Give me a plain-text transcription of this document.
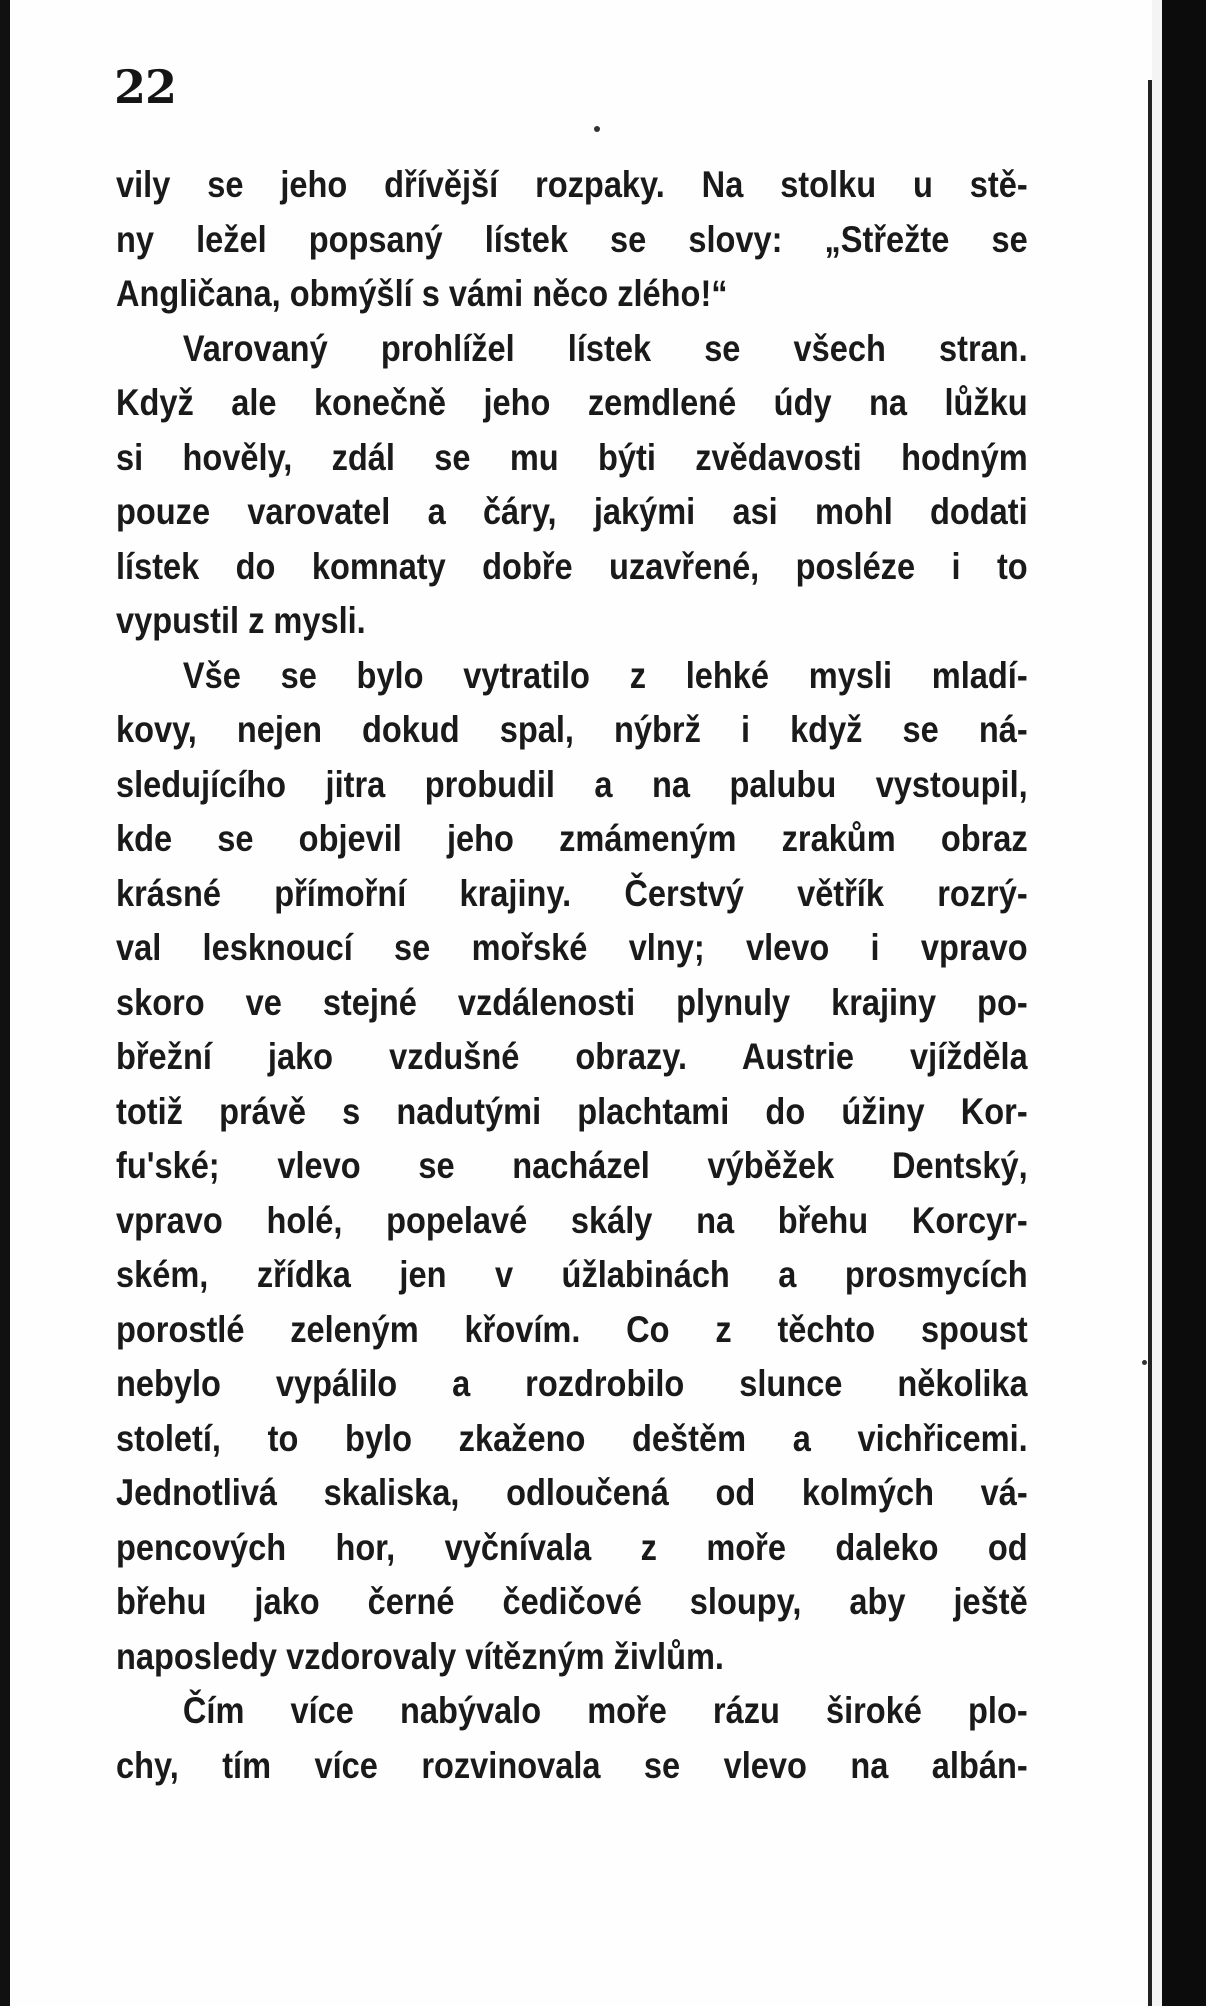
22
vily se jeho dřívější rozpaky. Na stolku u stě-
ny ležel popsaný lístek se slovy: „Střežte se
Angličana, obmýšlí s vámi něco zlého!“
Varovaný prohlížel lístek se všech stran.
Když ale konečně jeho zemdlené údy na lůžku
si hověly, zdál se mu býti zvědavosti hodným
pouze varovatel a čáry, jakými asi mohl dodati
lístek do komnaty dobře uzavřené, posléze i to
vypustil z mysli.
Vše se bylo vytratilo z lehké mysli mladí-
kovy, nejen dokud spal, nýbrž i když se ná-
sledujícího jitra probudil a na palubu vystoupil,
kde se objevil jeho zmámeným zrakům obraz
krásné přímořní krajiny. Čerstvý větřík rozrý-
val lesknoucí se mořské vlny; vlevo i vpravo
skoro ve stejné vzdálenosti plynuly krajiny po-
břežní jako vzdušné obrazy. Austrie vjížděla
totiž právě s nadutými plachtami do úžiny Kor-
fu'ské; vlevo se nacházel výběžek Dentský,
vpravo holé, popelavé skály na břehu Korcyr-
ském, zřídka jen v úžlabinách a prosmycích
porostlé zeleným křovím. Co z těchto spoust
nebylo vypálilo a rozdrobilo slunce několika
století, to bylo zkaženo deštěm a vichřicemi.
Jednotlivá skaliska, odloučená od kolmých vá-
pencových hor, vyčnívala z moře daleko od
břehu jako černé čedičové sloupy, aby ještě
naposledy vzdorovaly vítězným živlům.
Čím více nabývalo moře rázu široké plo-
chy, tím více rozvinovala se vlevo na albán-
